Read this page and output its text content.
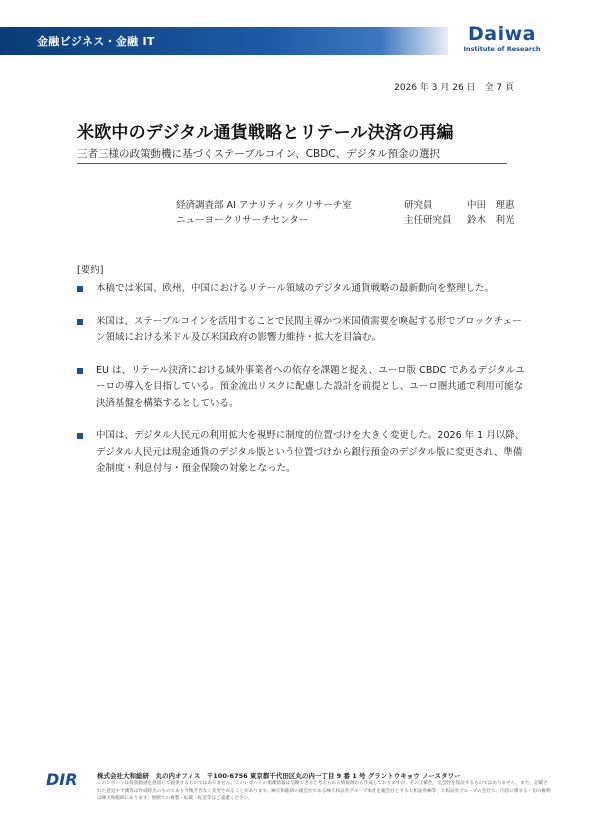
金融ビジネス・金融 IT	Daiwa
Institute of Research
2026 年 3 月 26 日　全 7 頁
米欧中のデジタル通貨戦略とリテール決済の再編
三者三様の政策動機に基づくステーブルコイン、CBDC、デジタル預金の選択
経済調査部 AI アナリティックリサーチ室	研究員	中田　理惠
ニューヨークリサーチセンター	主任研究員	鈴木　利光
[要約]
本稿では米国、欧州、中国におけるリテール領域のデジタル通貨戦略の最新動向を整理した。
米国は、ステーブルコインを活用することで民間主導かつ米国債需要を喚起する形でブロックチェーン領域における米ドル及び米国政府の影響力維持・拡大を目論む。
EU は、リテール決済における域外事業者への依存を課題と捉え、ユーロ版 CBDC であるデジタルユーロの導入を目指している。預金流出リスクに配慮した設計を前提とし、ユーロ圏共通で利用可能な決済基盤を構築するとしている。
中国は、デジタル人民元の利用拡大を視野に制度的位置づけを大きく変更した。2026 年 1 月以降、デジタル人民元は現金通貨のデジタル版という位置づけから銀行預金のデジタル版に変更され、準備金制度・利息付与・預金保険の対象となった。
DIR	株式会社大和総研　丸の内オフィス　〒100-6756 東京都千代田区丸の内一丁目 9 番 1 号 グラントウキョウ ノースタワー
このレポートは投資勧誘を意図して提供するものではありません。このレポートの掲載情報は信頼できると考えられる情報源から作成しておりますが、その正確性、完全性を保証するものではありません。また、記載された意見や予測等は作成時点のものであり今後予告なく変更されることがあります。㈱大和総研の親会社である㈱大和証券グループ本社を親会社とする大和証券㈱等、大和証券グループの会社で、内容に関する一切の権利は㈱大和総研にあります。無断での複製・転載・転送等はご遠慮ください。
